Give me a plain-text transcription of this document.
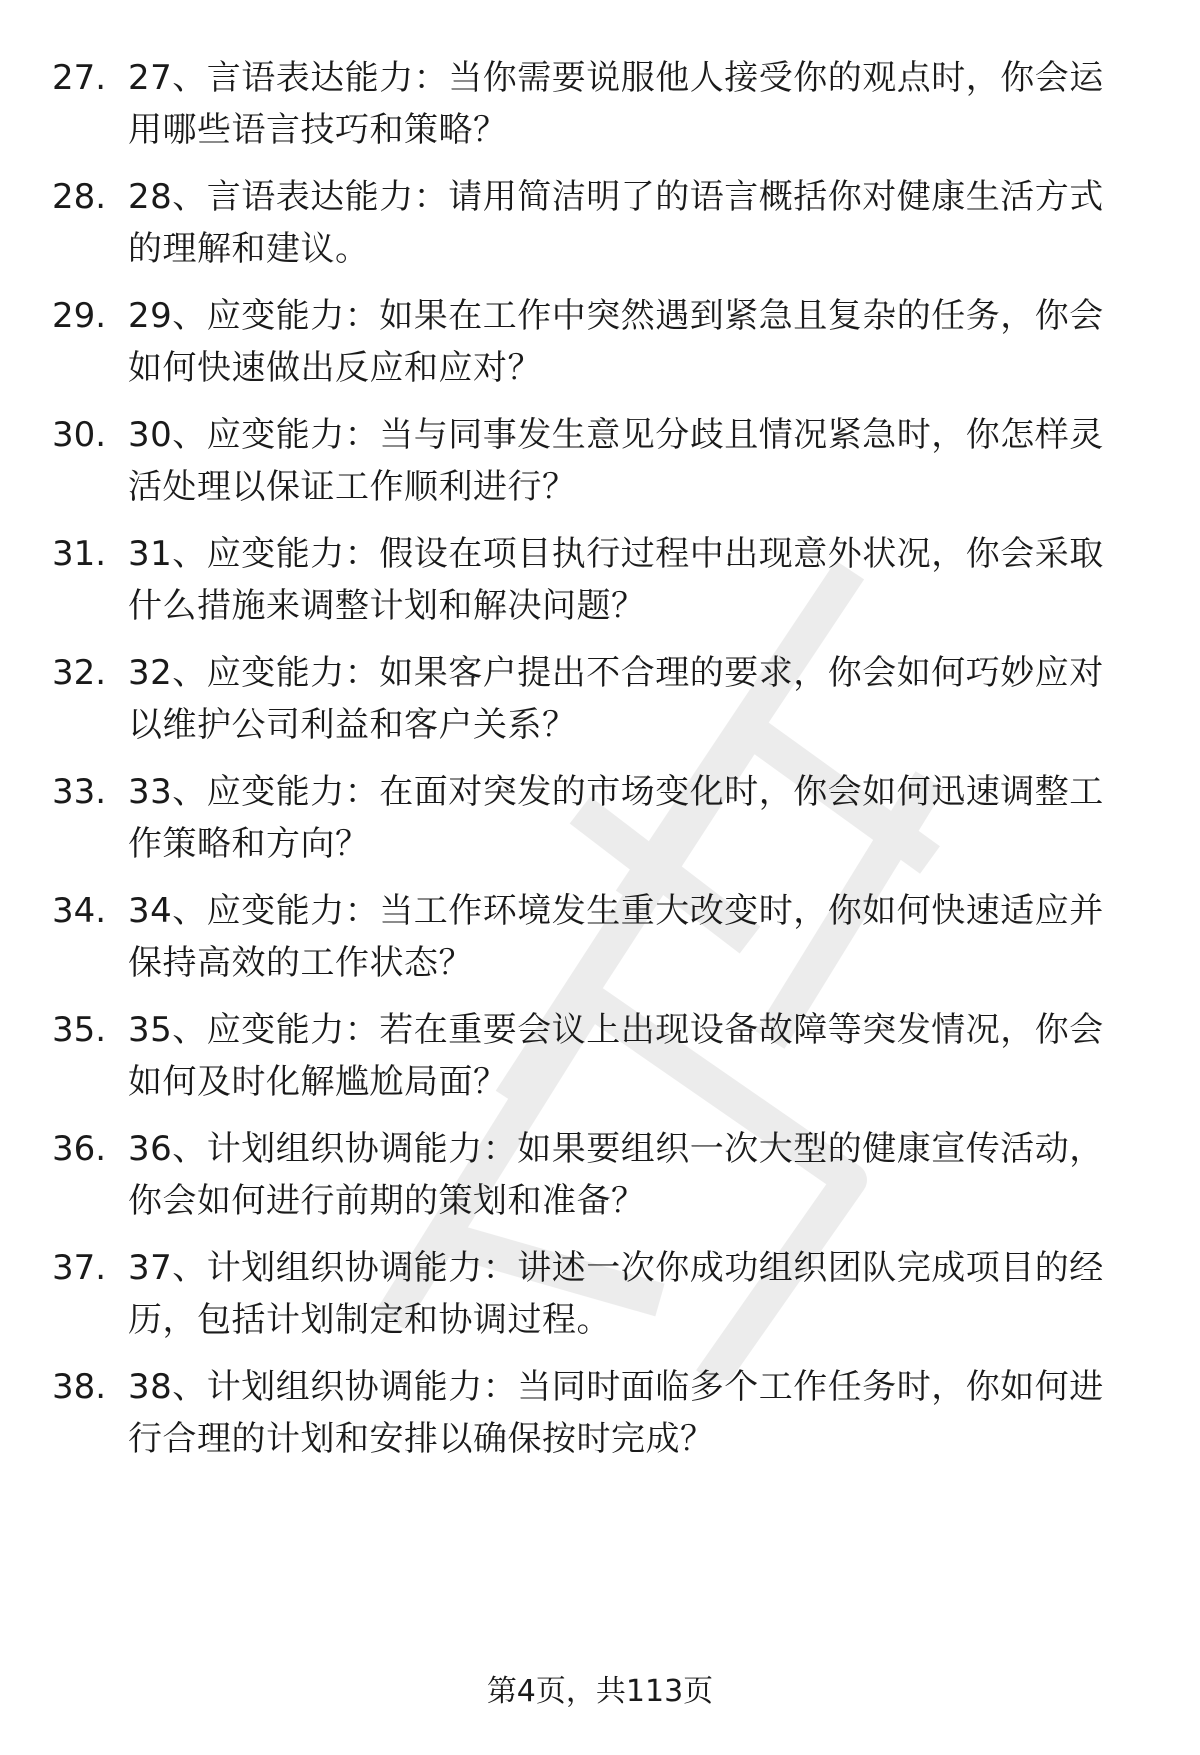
27. 27、言语表达能力：当你需要说服他人接受你的观点时，你会运
用哪些语言技巧和策略？
28. 28、言语表达能力：请用简洁明了的语言概括你对健康生活方式
的理解和建议。
29. 29、应变能力：如果在工作中突然遇到紧急且复杂的任务，你会
如何快速做出反应和应对？
30. 30、应变能力：当与同事发生意见分歧且情况紧急时，你怎样灵
活处理以保证工作顺利进行？
31. 31、应变能力：假设在项目执行过程中出现意外状况，你会采取
什么措施来调整计划和解决问题？
32. 32、应变能力：如果客户提出不合理的要求，你会如何巧妙应对
以维护公司利益和客户关系？
33. 33、应变能力：在面对突发的市场变化时，你会如何迅速调整工
作策略和方向？
34. 34、应变能力：当工作环境发生重大改变时，你如何快速适应并
保持高效的工作状态？
35. 35、应变能力：若在重要会议上出现设备故障等突发情况，你会
如何及时化解尴尬局面？
36. 36、计划组织协调能力：如果要组织一次大型的健康宣传活动，
你会如何进行前期的策划和准备？
37. 37、计划组织协调能力：讲述一次你成功组织团队完成项目的经
历，包括计划制定和协调过程。
38. 38、计划组织协调能力：当同时面临多个工作任务时，你如何进
行合理的计划和安排以确保按时完成？
第4页，共113页
